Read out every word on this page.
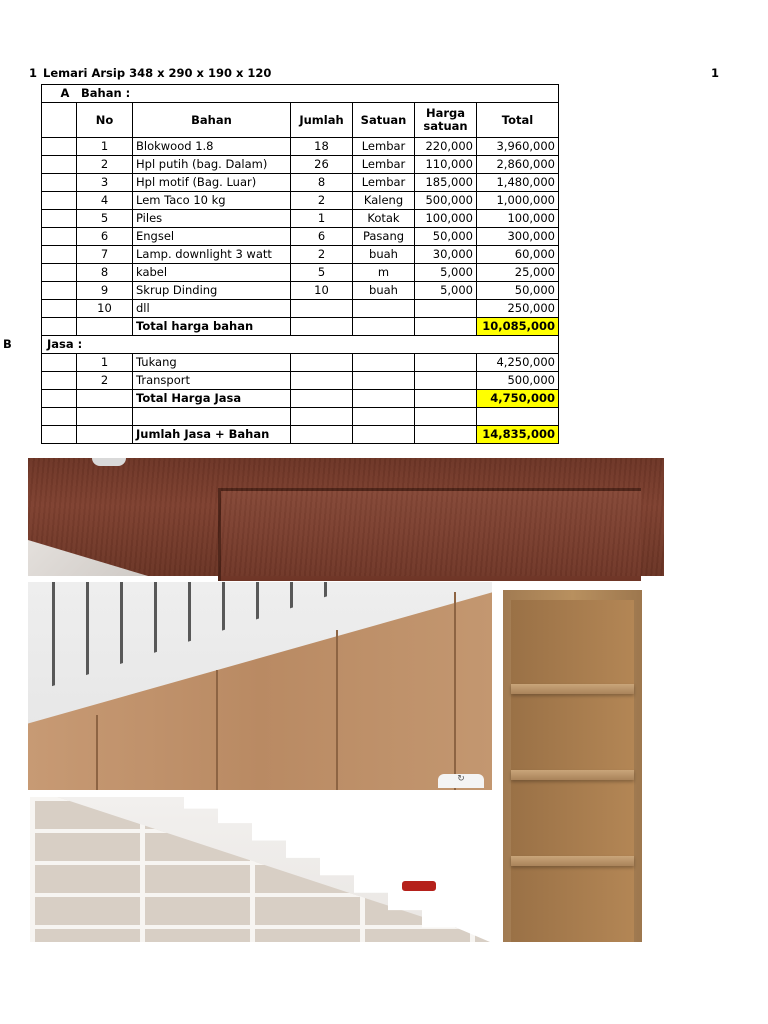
1 Lemari Arsip 348 x 290 x 190 x 120	1
A Bahan :						
	No	Bahan	Jumlah	Satuan	Harga satuan	Total
	1	Blokwood 1.8	18	Lembar	220,000	3,960,000
	2	Hpl putih (bag. Dalam)	26	Lembar	110,000	2,860,000
	3	Hpl motif (Bag. Luar)	8	Lembar	185,000	1,480,000
	4	Lem Taco 10 kg	2	Kaleng	500,000	1,000,000
	5	Piles	1	Kotak	100,000	100,000
	6	Engsel	6	Pasang	50,000	300,000
	7	Lamp. downlight 3 watt	2	buah	30,000	60,000
	8	kabel	5	m	5,000	25,000
	9	Skrup Dinding	10	buah	5,000	50,000
	10	dll				250,000
		Total harga bahan				10,085,000
B Jasa :						
	1	Tukang				4,250,000
	2	Transport				500,000
		Total Harga Jasa				4,750,000

		Jumlah Jasa + Bahan				14,835,000
↻
